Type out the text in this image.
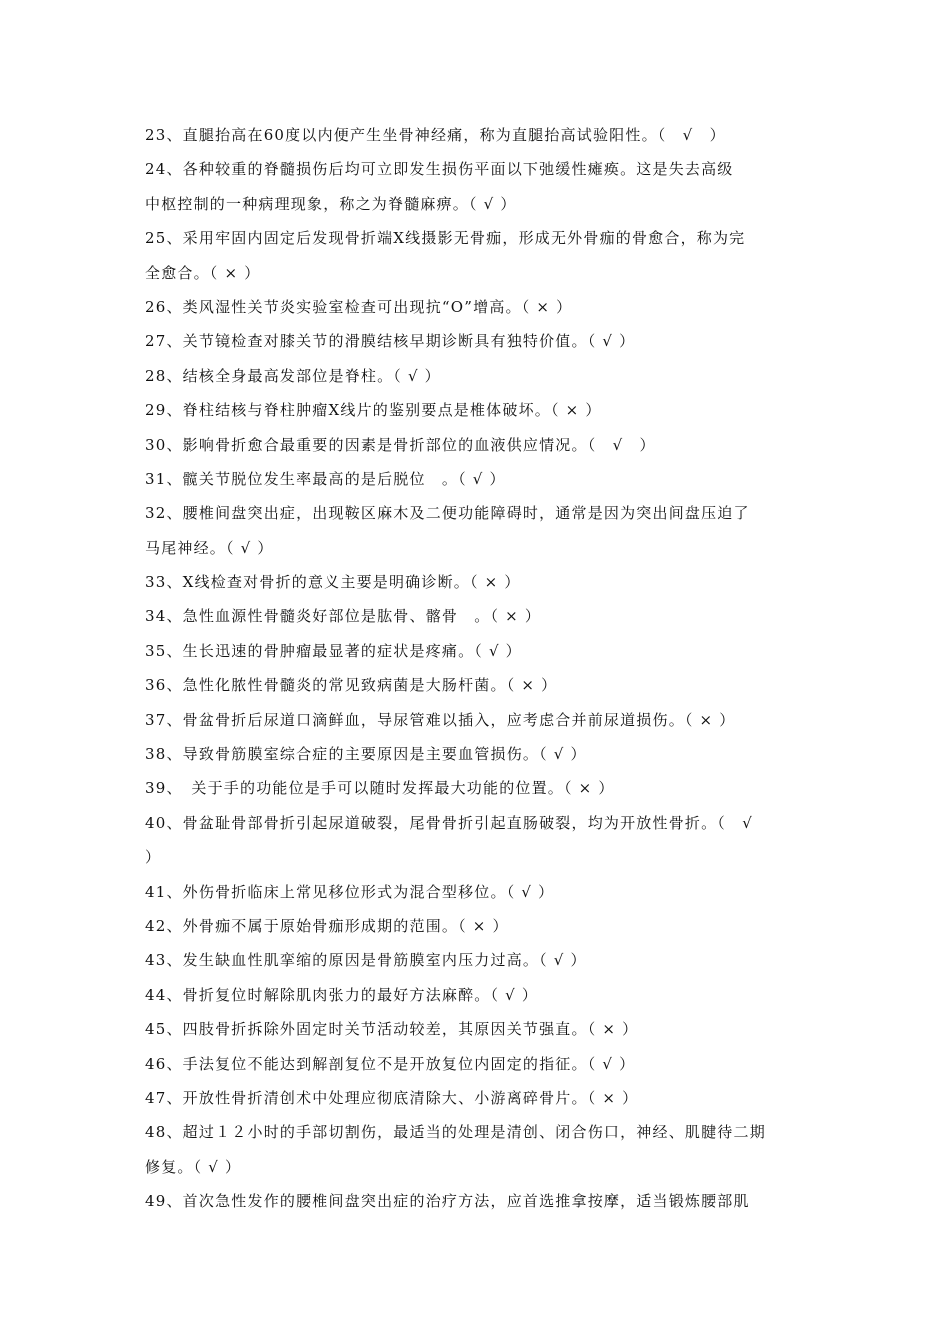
23、直腿抬高在60度以内便产生坐骨神经痛，称为直腿抬高试验阳性。（　√　）
24、各种较重的脊髓损伤后均可立即发生损伤平面以下弛缓性瘫痪。这是失去高级
中枢控制的一种病理现象，称之为脊髓麻痹。（ √ ）
25、采用牢固内固定后发现骨折端X线摄影无骨痂，形成无外骨痂的骨愈合，称为完
全愈合。（ × ）
26、类风湿性关节炎实验室检查可出现抗“O”增高。（ × ）
27、关节镜检查对膝关节的滑膜结核早期诊断具有独特价值。（ √ ）
28、结核全身最高发部位是脊柱。（ √ ）
29、脊柱结核与脊柱肿瘤X线片的鉴别要点是椎体破坏。（ × ）
30、影响骨折愈合最重要的因素是骨折部位的血液供应情况。（　√　）
31、髋关节脱位发生率最高的是后脱位　。（ √ ）
32、腰椎间盘突出症，出现鞍区麻木及二便功能障碍时，通常是因为突出间盘压迫了
马尾神经。（ √ ）
33、X线检查对骨折的意义主要是明确诊断。（ × ）
34、急性血源性骨髓炎好部位是肱骨、髂骨　。（ × ）
35、生长迅速的骨肿瘤最显著的症状是疼痛。（ √ ）
36、急性化脓性骨髓炎的常见致病菌是大肠杆菌。（ × ）
37、骨盆骨折后尿道口滴鲜血，导尿管难以插入，应考虑合并前尿道损伤。（ × ）
38、导致骨筋膜室综合症的主要原因是主要血管损伤。（ √ ）
39、　关于手的功能位是手可以随时发挥最大功能的位置。（ × ）
40、骨盆耻骨部骨折引起尿道破裂，尾骨骨折引起直肠破裂，均为开放性骨折。（　√
）
41、外伤骨折临床上常见移位形式为混合型移位。（ √ ）
42、外骨痂不属于原始骨痂形成期的范围。（ × ）
43、发生缺血性肌挛缩的原因是骨筋膜室内压力过高。（ √ ）
44、骨折复位时解除肌肉张力的最好方法麻醉。（ √ ）
45、四肢骨折拆除外固定时关节活动较差，其原因关节强直。（ × ）
46、手法复位不能达到解剖复位不是开放复位内固定的指征。（ √ ）
47、开放性骨折清创术中处理应彻底清除大、小游离碎骨片。（ × ）
48、超过１２小时的手部切割伤，最适当的处理是清创、闭合伤口，神经、肌腱待二期
修复。（ √ ）
49、首次急性发作的腰椎间盘突出症的治疗方法，应首选推拿按摩，适当锻炼腰部肌
